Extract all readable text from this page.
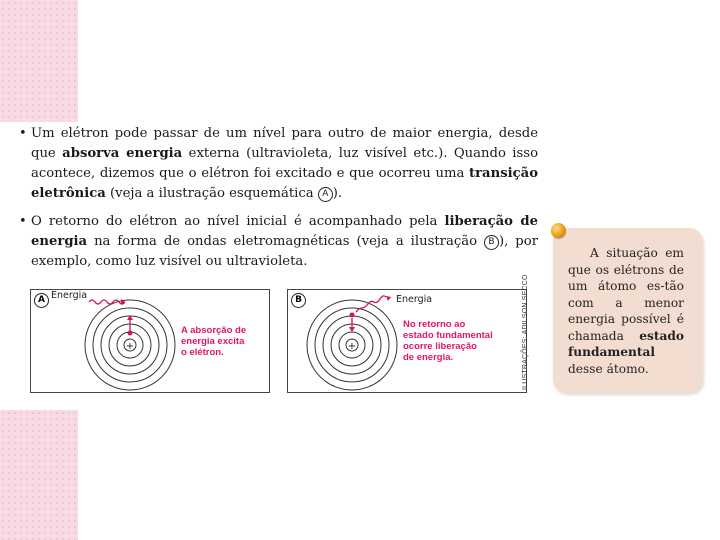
• Um elétron pode passar de um nível para outro de maior energia, desde que absorva energia externa (ultravioleta, luz visível etc.). Quando isso acontece, dizemos que o elétron foi excitado e que ocorreu uma transição eletrônica (veja a ilustração esquemática A ).

• O retorno do elétron ao nível inicial é acompanhado pela liberação de energia na forma de ondas eletromagnéticas (veja a ilustração B ), por exemplo, como luz visível ou ultravioleta.

+
A Energia
A absorção de
energia excita
o elétron.
+
B	Energia
No retorno ao
estado fundamental
ocorre liberação
de energia.	ILUSTRAÇÕES: ADILSON SECCO
A situação em que os elétrons de um átomo es-tão com a menor energia possível é chamada estado fundamental desse átomo.
